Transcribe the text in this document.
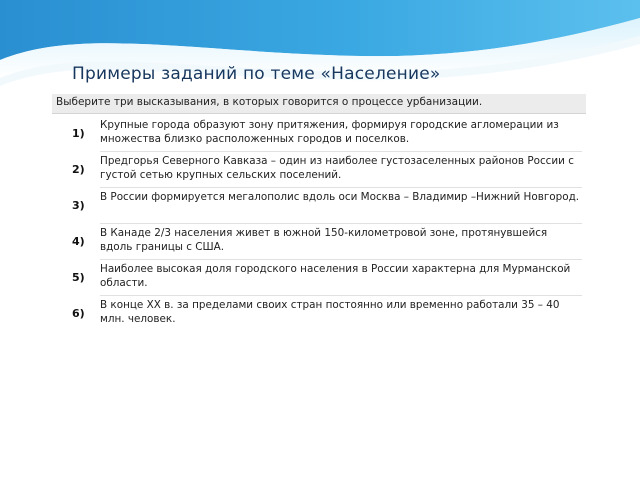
Примеры заданий по теме «Население»
Выберите три высказывания, в которых говорится о процессе урбанизации.
1)
Крупные города образуют зону притяжения, формируя городские агломерации из множества близко расположенных городов и поселков.
2)
Предгорья Северного Кавказа – один из наиболее густозаселенных районов России с густой сетью крупных сельских поселений.
3)
В России формируется мегалополис вдоль оси Москва – Владимир –Нижний Новгород.
4)
В Канаде 2/3 населения живет в южной 150-километровой зоне, протянувшейся вдоль границы с США.
5)
Наиболее высокая доля городского населения в России характерна для Мурманской области.
6)
В конце XX в. за пределами своих стран постоянно или временно работали 35 – 40 млн. человек.
